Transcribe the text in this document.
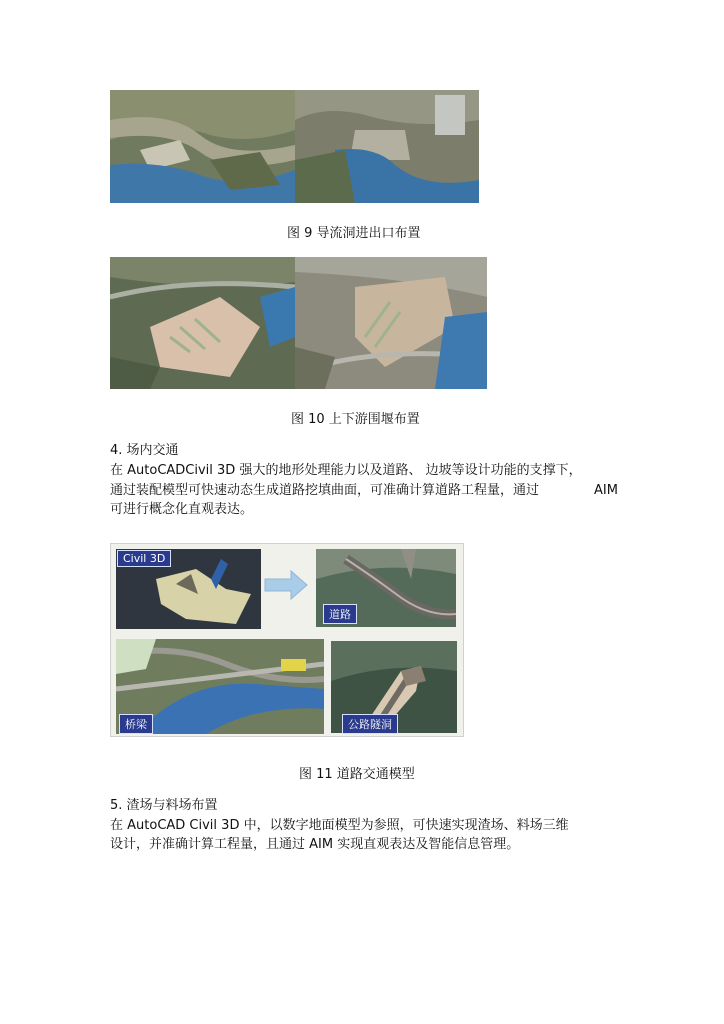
图 9 导流洞进出口布置
图 10 上下游围堰布置
4. 场内交通
在 AutoCADCivil 3D 强大的地形处理能力以及道路、 边坡等设计功能的支撑下，
通过装配模型可快速动态生成道路挖填曲面，可准确计算道路工程量，通过	AIM
可进行概念化直观表达。
Civil 3D
道路
桥梁	公路隧洞
图 11 道路交通模型
5. 渣场与料场布置
在 AutoCAD Civil 3D 中，以数字地面模型为参照，可快速实现渣场、料场三维
设计，并准确计算工程量，且通过 AIM 实现直观表达及智能信息管理。
